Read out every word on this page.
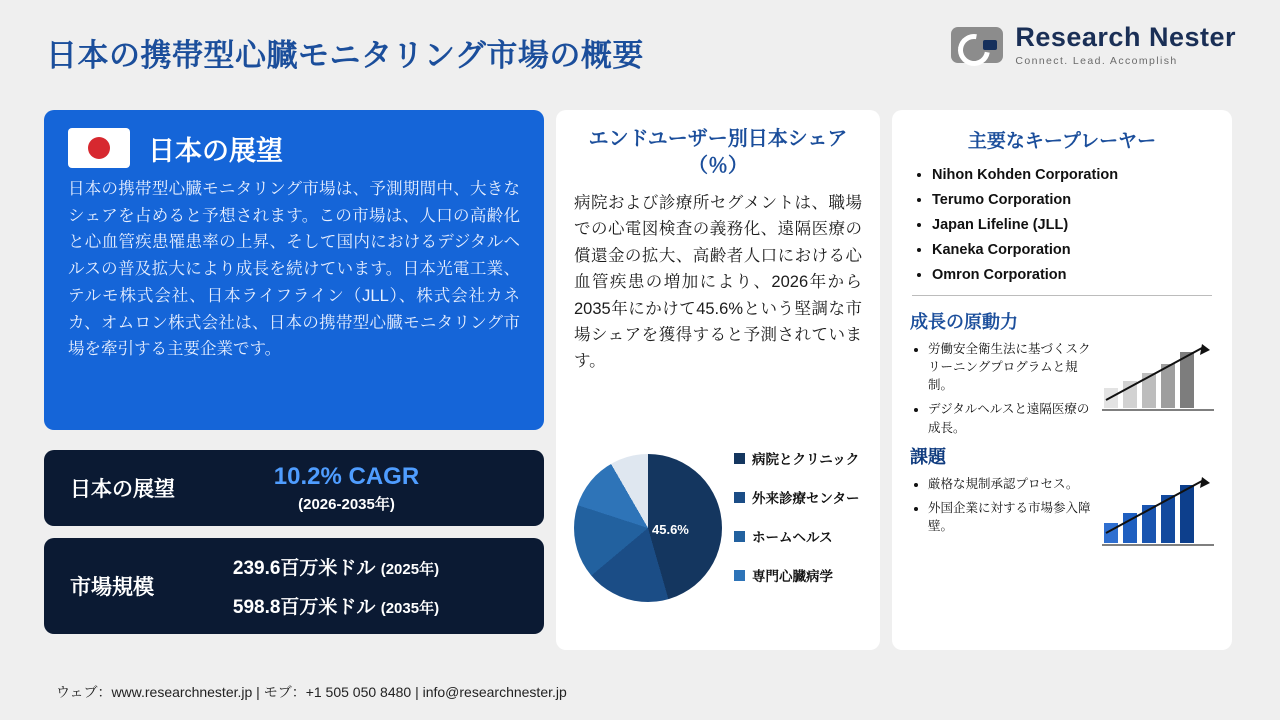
日本の携帯型心臓モニタリング市場の概要
Research Nester
Connect. Lead. Accomplish
日本の展望
日本の携帯型心臓モニタリング市場は、予測期間中、大きなシェアを占めると予想されます。この市場は、人口の高齢化と心血管疾患罹患率の上昇、そして国内におけるデジタルヘルスの普及拡大により成長を続けています。日本光電工業、テルモ株式会社、日本ライフライン（JLL）、株式会社カネカ、オムロン株式会社は、日本の携帯型心臓モニタリング市場を牽引する主要企業です。
日本の展望	10.2% CAGR
(2026-2035年)
市場規模
239.6百万米ドル (2025年)
598.8百万米ドル (2035年)
エンドユーザー別日本シェア（％）
病院および診療所セグメントは、職場での心電図検査の義務化、遠隔医療の償還金の拡大、高齢者人口における心血管疾患の増加により、2026年から2035年にかけて45.6%という堅調な市場シェアを獲得すると予測されています。
45.6%
病院とクリニック
外来診療センター
ホームヘルス
専門心臓病学
主要なキープレーヤー
• Nihon Kohden Corporation
• Terumo Corporation
• Japan Lifeline (JLL)
• Kaneka Corporation
• Omron Corporation
成長の原動力
• 労働安全衛生法に基づくスクリーニングプログラムと規制。
• デジタルヘルスと遠隔医療の成長。
課題
• 厳格な規制承認プロセス。
• 外国企業に対する市場参入障壁。
ウェブ：www.researchnester.jp | モブ：+1 505 050 8480 | info@researchnester.jp
